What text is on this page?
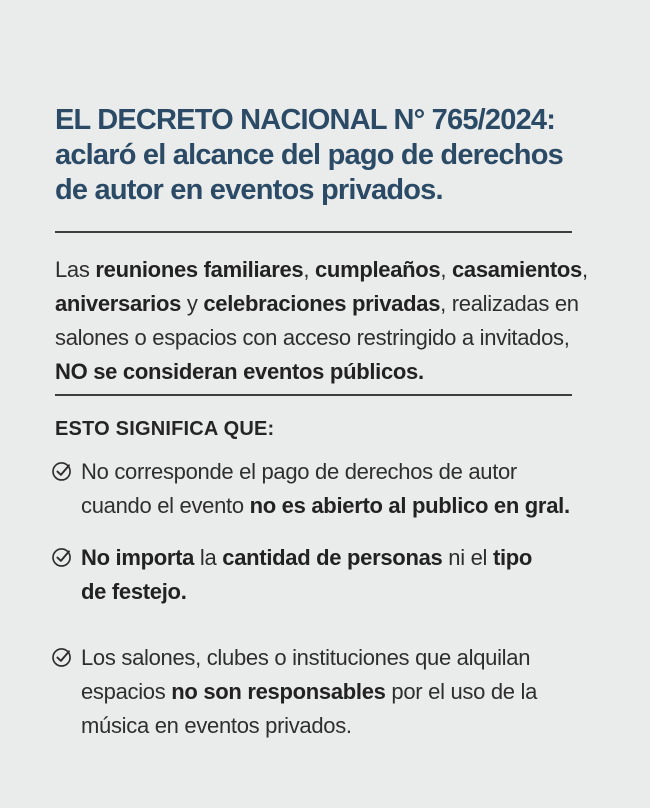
EL DECRETO NACIONAL N° 765/2024:
aclaró el alcance del pago de derechos
de autor en eventos privados.
Las reuniones familiares, cumpleaños, casamientos,
aniversarios y celebraciones privadas, realizadas en
salones o espacios con acceso restringido a invitados,
NO se consideran eventos públicos.
ESTO SIGNIFICA QUE:
No corresponde el pago de derechos de autor
cuando el evento no es abierto al publico en gral.
No importa la cantidad de personas ni el tipo
de festejo.
Los salones, clubes o instituciones que alquilan
espacios no son responsables por el uso de la
música en eventos privados.
